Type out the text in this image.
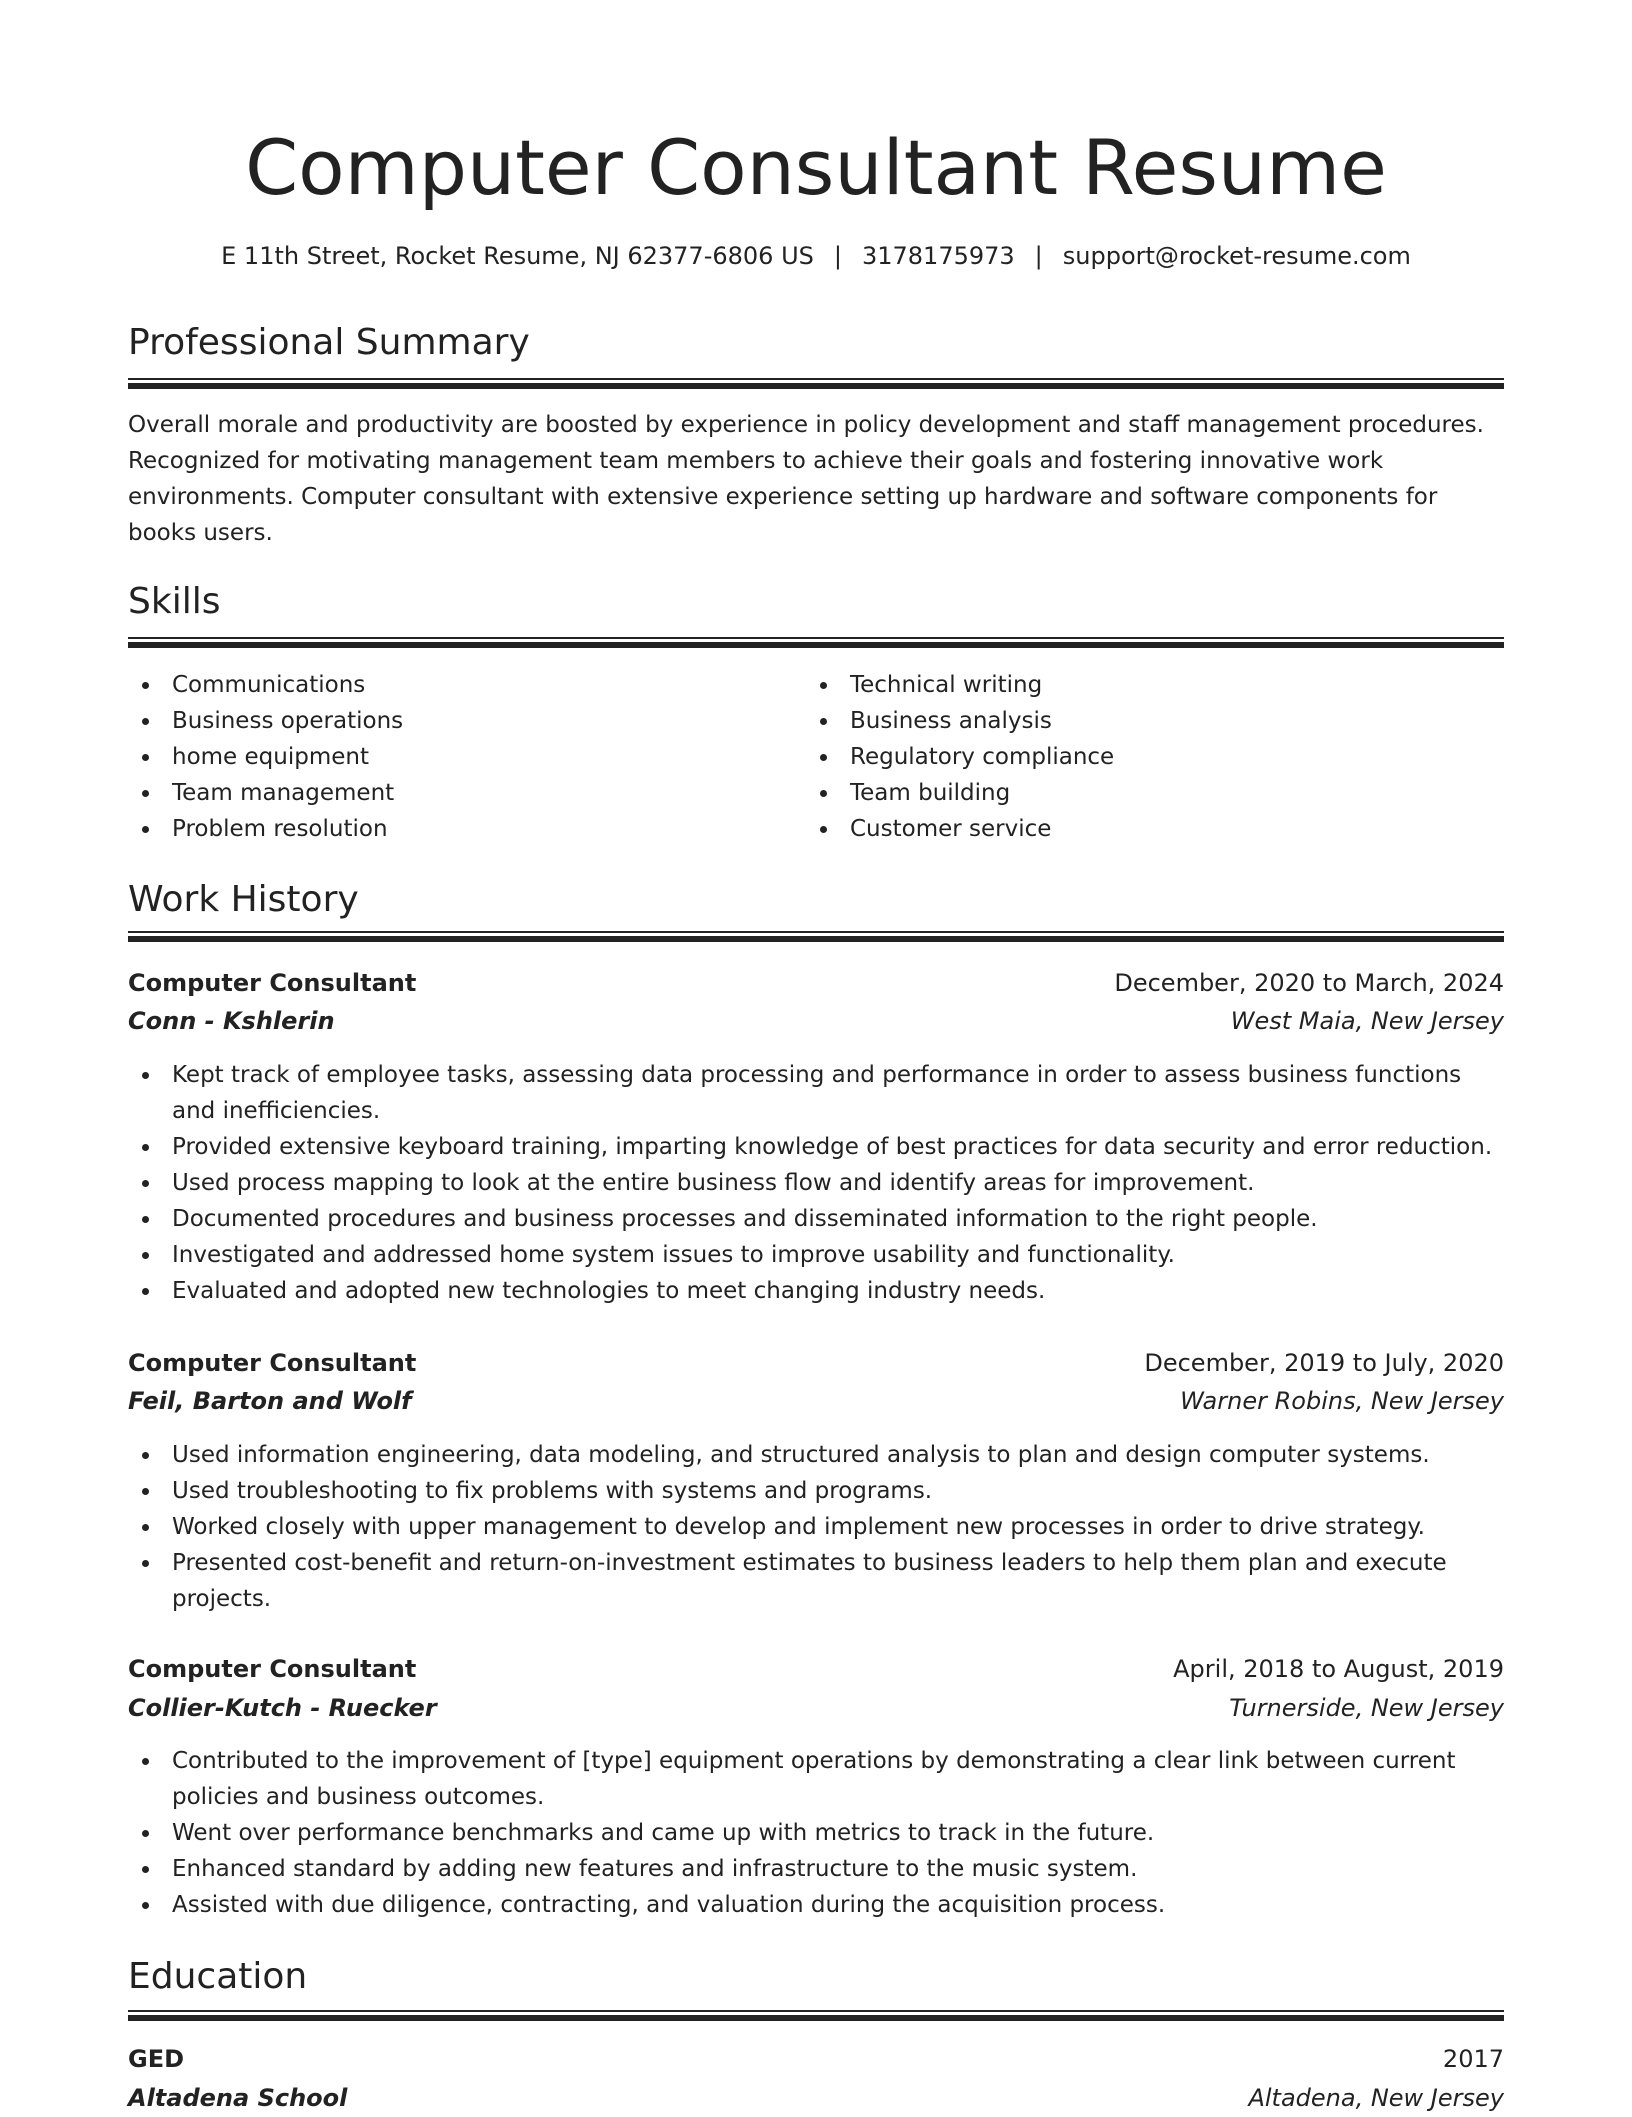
Computer Consultant Resume
E 11th Street, Rocket Resume, NJ 62377-6806 US | 3178175973 | support@rocket-resume.com
Professional Summary
Overall morale and productivity are boosted by experience in policy development and staff management procedures. Recognized for motivating management team members to achieve their goals and fostering innovative work environments. Computer consultant with extensive experience setting up hardware and software components for books users.
Skills
Communications
Business operations
home equipment
Team management
Problem resolution
Technical writing
Business analysis
Regulatory compliance
Team building
Customer service
Work History
Computer Consultant	December, 2020 to March, 2024
Conn - Kshlerin	West Maia, New Jersey
Kept track of employee tasks, assessing data processing and performance in order to assess business functions and inefficiencies.
Provided extensive keyboard training, imparting knowledge of best practices for data security and error reduction.
Used process mapping to look at the entire business flow and identify areas for improvement.
Documented procedures and business processes and disseminated information to the right people.
Investigated and addressed home system issues to improve usability and functionality.
Evaluated and adopted new technologies to meet changing industry needs.
Computer Consultant	December, 2019 to July, 2020
Feil, Barton and Wolf	Warner Robins, New Jersey
Used information engineering, data modeling, and structured analysis to plan and design computer systems.
Used troubleshooting to fix problems with systems and programs.
Worked closely with upper management to develop and implement new processes in order to drive strategy.
Presented cost-benefit and return-on-investment estimates to business leaders to help them plan and execute projects.
Computer Consultant	April, 2018 to August, 2019
Collier-Kutch - Ruecker	Turnerside, New Jersey
Contributed to the improvement of [type] equipment operations by demonstrating a clear link between current policies and business outcomes.
Went over performance benchmarks and came up with metrics to track in the future.
Enhanced standard by adding new features and infrastructure to the music system.
Assisted with due diligence, contracting, and valuation during the acquisition process.
Education
GED	2017
Altadena School	Altadena, New Jersey
